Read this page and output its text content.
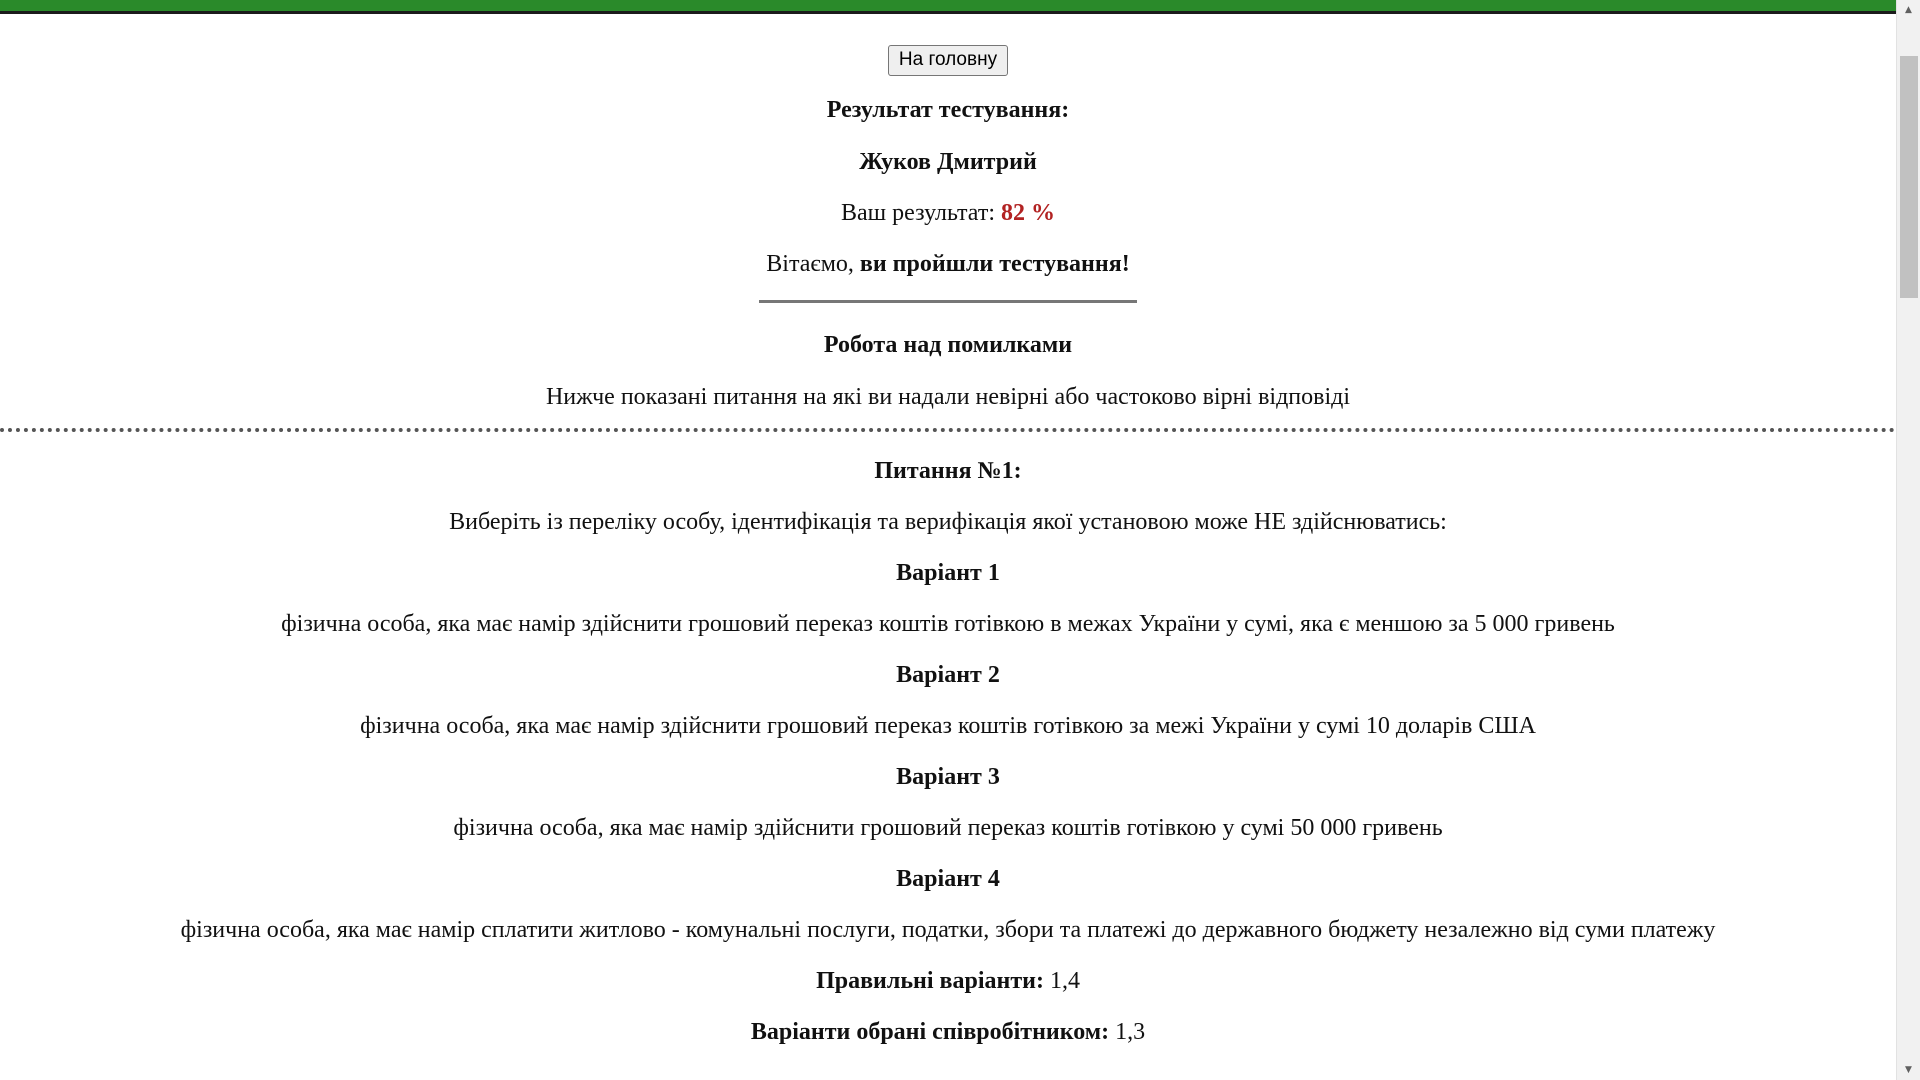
▲
▼
На головну

Результат тестування:

Жуков Дмитрий

Ваш результат: 82 %

Вітаємо, ви пройшли тестування!

Робота над помилками

Нижче показані питання на які ви надали невірні або частоково вірні відповіді

Питання №1:

Виберіть із переліку особу, ідентифікація та верифікація якої установою може НЕ здійснюватись:

Варіант 1

фізична особа, яка має намір здійснити грошовий переказ коштів готівкою в межах України у сумі, яка є меншою за 5 000 гривень

Варіант 2

фізична особа, яка має намір здійснити грошовий переказ коштів готівкою за межі України у сумі 10 доларів США

Варіант 3

фізична особа, яка має намір здійснити грошовий переказ коштів готівкою у сумі 50 000 гривень

Варіант 4

фізична особа, яка має намір сплатити житлово - комунальні послуги, податки, збори та платежі до державного бюджету незалежно від суми платежу

Правильні варіанти: 1,4

Варіанти обрані співробітником: 1,3
